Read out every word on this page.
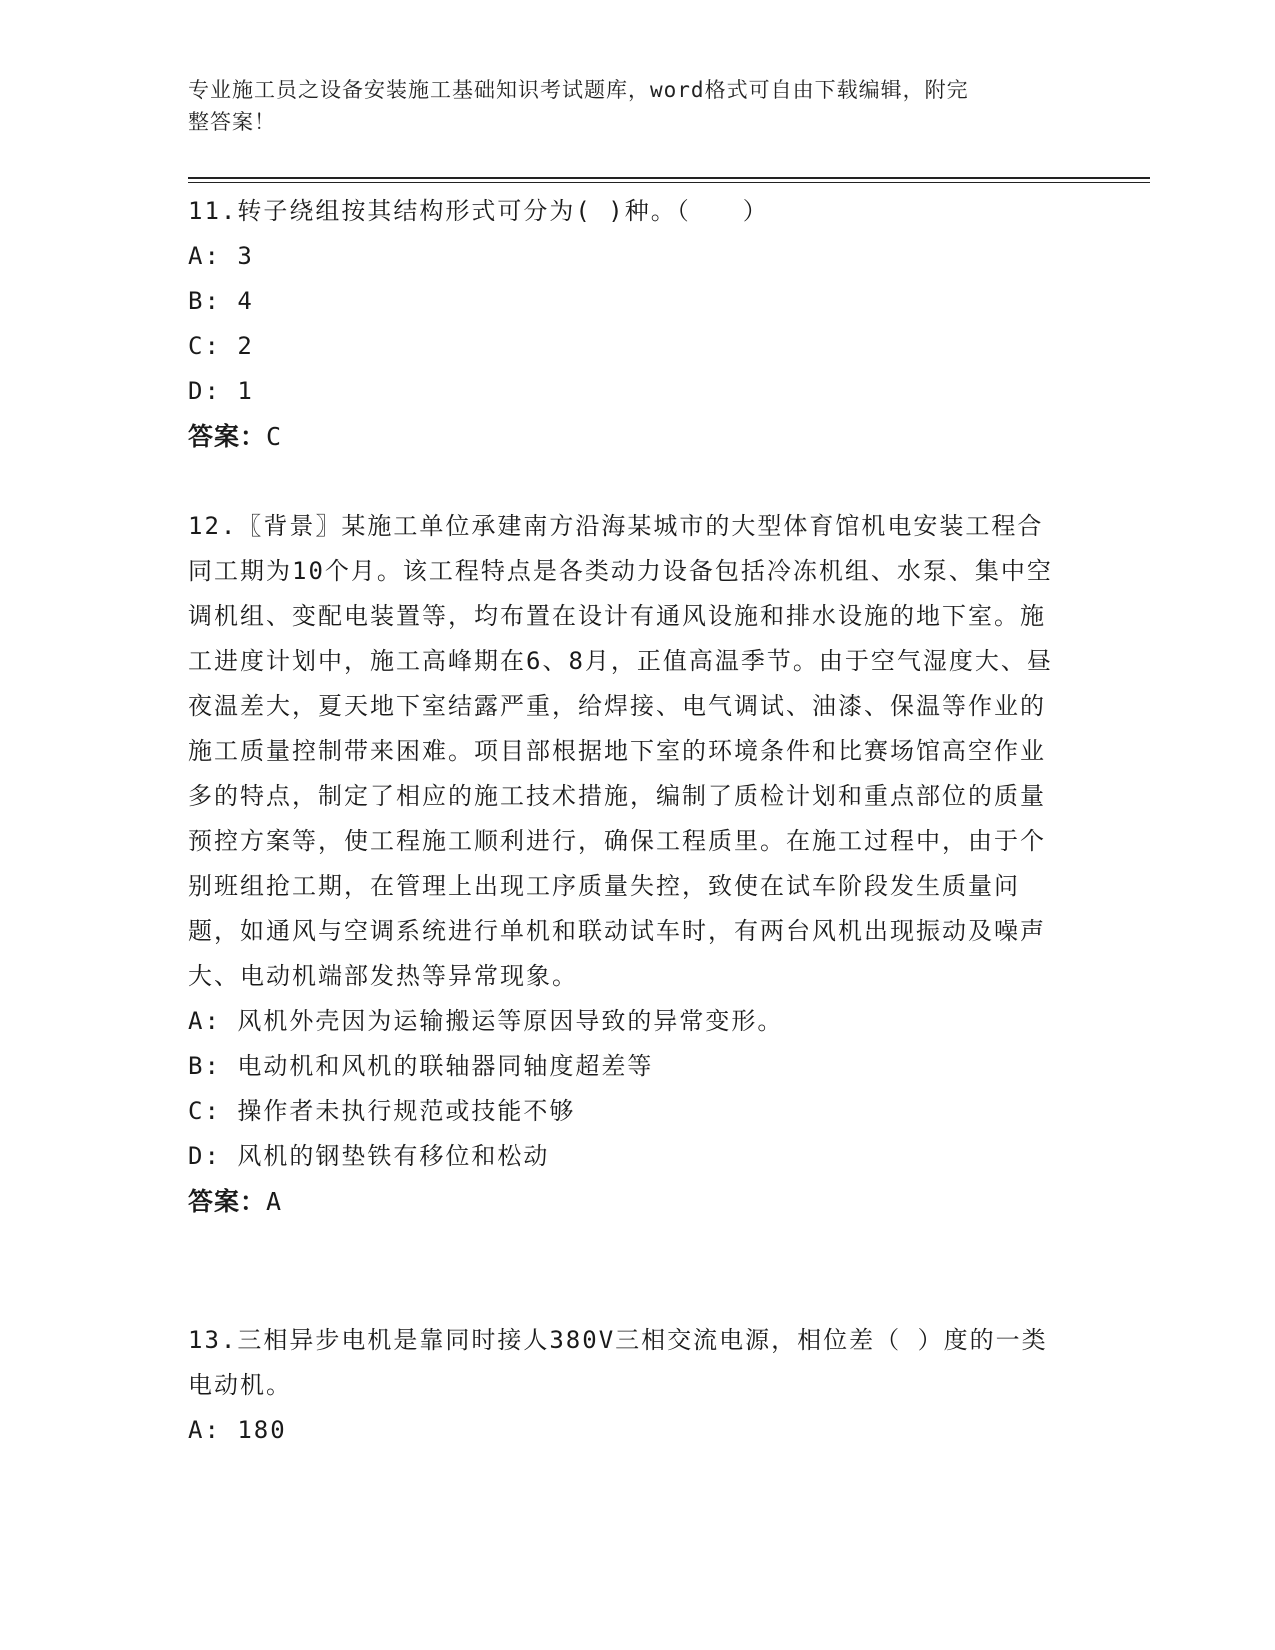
专业施工员之设备安装施工基础知识考试题库，word格式可自由下载编辑，附完
整答案！
11.转子绕组按其结构形式可分为( )种。（　　）
A: 3
B: 4
C: 2
D: 1
答案：C
12.〖背景〗某施工单位承建南方沿海某城市的大型体育馆机电安装工程合同工期为10个月。该工程特点是各类动力设备包括冷冻机组、水泵、集中空调机组、变配电装置等，均布置在设计有通风设施和排水设施的地下室。施工进度计划中，施工高峰期在6、8月，正值高温季节。由于空气湿度大、昼夜温差大，夏天地下室结露严重，给焊接、电气调试、油漆、保温等作业的施工质量控制带来困难。项目部根据地下室的环境条件和比赛场馆高空作业多的特点，制定了相应的施工技术措施，编制了质检计划和重点部位的质量预控方案等，使工程施工顺利进行，确保工程质里。在施工过程中，由于个别班组抢工期，在管理上出现工序质量失控，致使在试车阶段发生质量问题，如通风与空调系统进行单机和联动试车时，有两台风机出现振动及噪声大、电动机端部发热等异常现象。
A: 风机外壳因为运输搬运等原因导致的异常变形。
B: 电动机和风机的联轴器同轴度超差等
C: 操作者未执行规范或技能不够
D: 风机的钢垫铁有移位和松动
答案：A
13.三相异步电机是靠同时接人380V三相交流电源，相位差（ ）度的一类电动机。
A: 180
